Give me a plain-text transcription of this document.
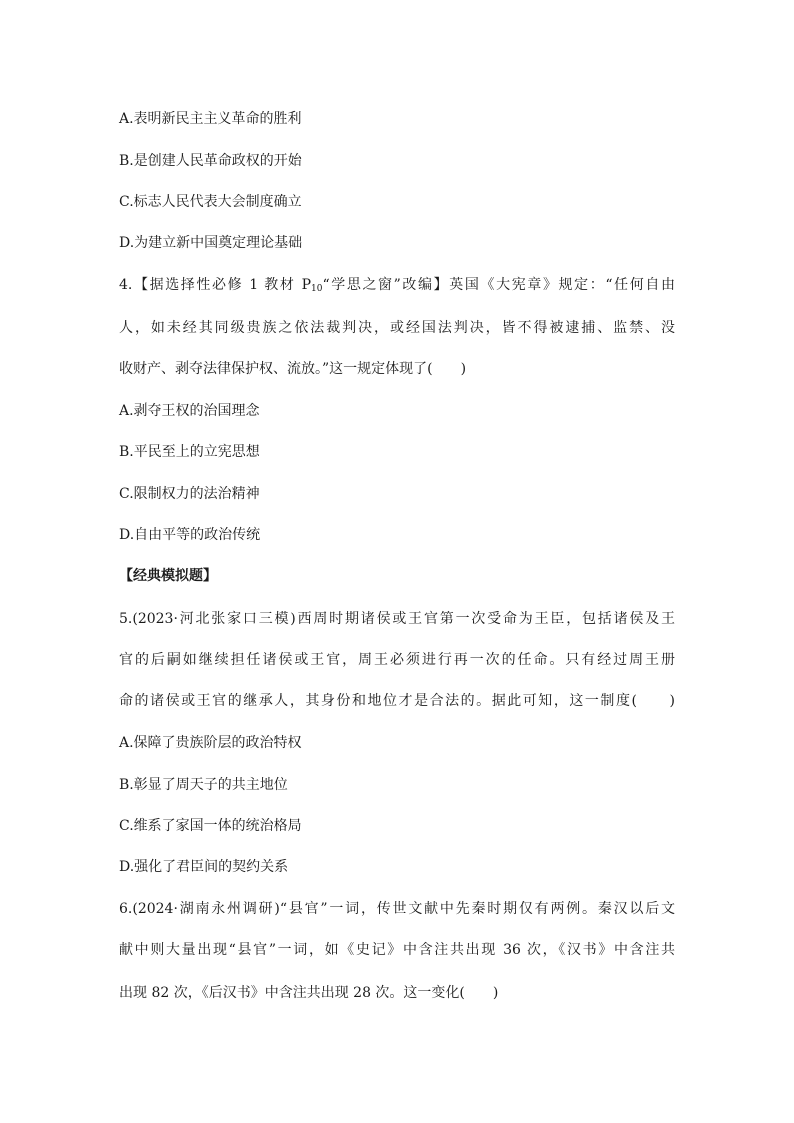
A.表明新民主主义革命的胜利
B.是创建人民革命政权的开始
C.标志人民代表大会制度确立
D.为建立新中国奠定理论基础
4.【据选择性必修 1 教材 $P_{10}“$学思之窗”改编】英国《大宪章》规定：“任何自由
人，如未经其同级贵族之依法裁判决，或经国法判决，皆不得被逮捕、监禁、没
收财产、剥夺法律保护权、流放。”这一规定体现了(　　)
A.剥夺王权的治国理念
B.平民至上的立宪思想
C.限制权力的法治精神
D.自由平等的政治传统
【经典模拟题】
5.(2023·河北张家口三模)西周时期诸侯或王官第一次受命为王臣，包括诸侯及王
官的后嗣如继续担任诸侯或王官，周王必须进行再一次的任命。只有经过周王册
命的诸侯或王官的继承人，其身份和地位才是合法的。据此可知，这一制度(　　)
A.保障了贵族阶层的政治特权
B.彰显了周天子的共主地位
C.维系了家国一体的统治格局
D.强化了君臣间的契约关系
6.(2024·湖南永州调研)“县官”一词，传世文献中先秦时期仅有两例。秦汉以后文
献中则大量出现“县官”一词，如《史记》中含注共出现 36 次，《汉书》中含注共
出现 82 次，《后汉书》中含注共出现 28 次。这一变化(　　)
